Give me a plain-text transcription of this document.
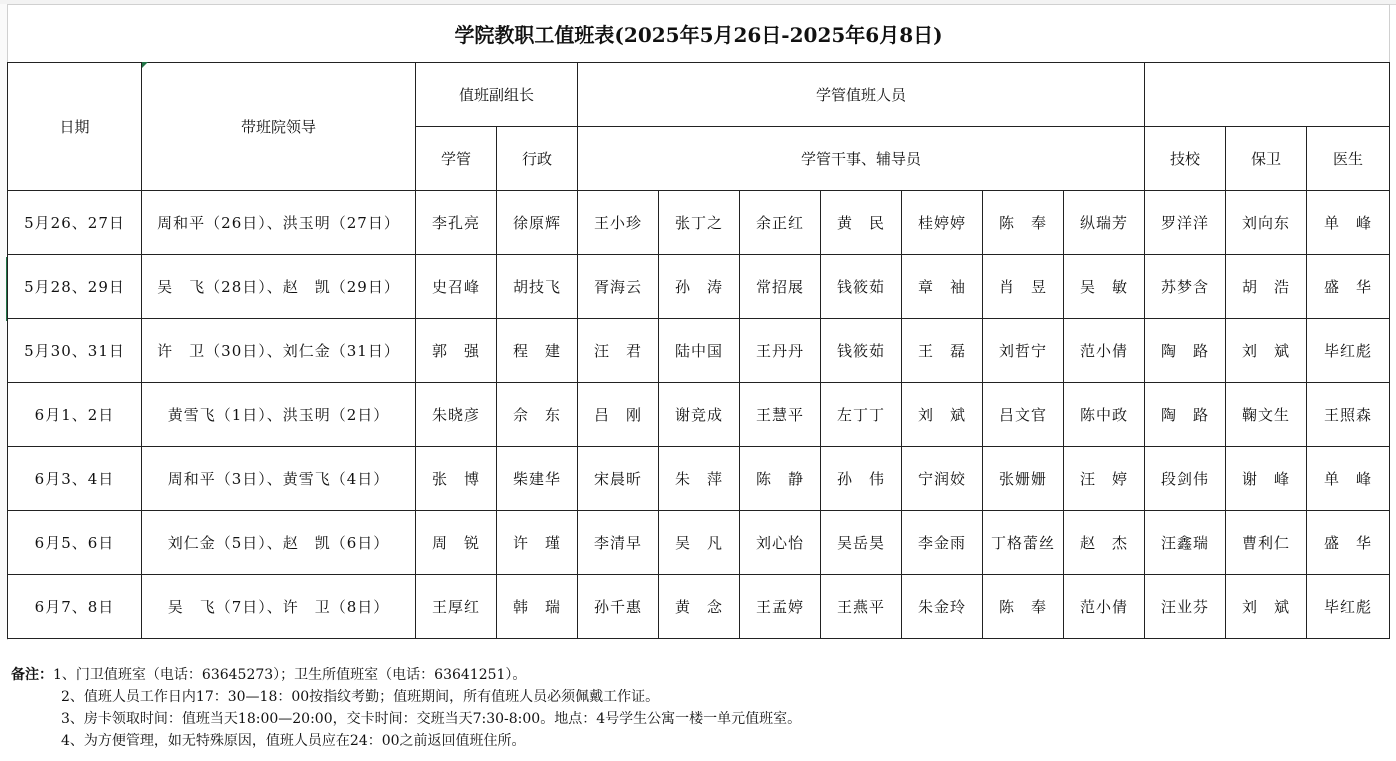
学院教职工值班表(2025年5月26日-2025年6月8日)													
日期	带班院领导	值班副组长		学管值班人员									
		学管	行政	学管干事、辅导员							技校	保卫	医生
5月26、27日	周和平（26日）、洪玉明（27日）	李孔亮	徐原辉	王小珍	张丁之	余正红	黄　民	桂婷婷	陈　奉	纵瑞芳	罗洋洋	刘向东	单　峰
5月28、29日	吴　飞（28日）、赵　凯（29日）	史召峰	胡技飞	胥海云	孙　涛	常招展	钱筱茹	章　袖	肖　昱	吴　敏	苏梦含	胡　浩	盛　华
5月30、31日	许　卫（30日）、刘仁金（31日）	郭　强	程　建	汪　君	陆中国	王丹丹	钱筱茹	王　磊	刘哲宁	范小倩	陶　路	刘　斌	毕红彪
6月1、2日	黄雪飞（1日）、洪玉明（2日）	朱晓彦	佘　东	吕　刚	谢竞成	王慧平	左丁丁	刘　斌	吕文官	陈中政	陶　路	鞠文生	王照森
6月3、4日	周和平（3日）、黄雪飞（4日）	张　博	柴建华	宋晨昕	朱　萍	陈　静	孙　伟	宁润姣	张姗姗	汪　婷	段剑伟	谢　峰	单　峰
6月5、6日	刘仁金（5日）、赵　凯（6日）	周　锐	许　瑾	李清早	吴　凡	刘心怡	吴岳昊	李金雨	丁格蕾丝	赵　杰	汪鑫瑞	曹利仁	盛　华
6月7、8日	吴　飞（7日）、许　卫（8日）	王厚红	韩　瑞	孙千惠	黄　念	王孟婷	王燕平	朱金玲	陈　奉	范小倩	汪业芬	刘　斌	毕红彪
备注：1、门卫值班室（电话：63645273）；卫生所值班室（电话：63641251）。
2、值班人员工作日内17：30—18：00按指纹考勤；值班期间，所有值班人员必须佩戴工作证。
3、房卡领取时间：值班当天18:00—20:00，交卡时间：交班当天7:30-8:00。地点：4号学生公寓一楼一单元值班室。
4、为方便管理，如无特殊原因，值班人员应在24：00之前返回值班住所。
